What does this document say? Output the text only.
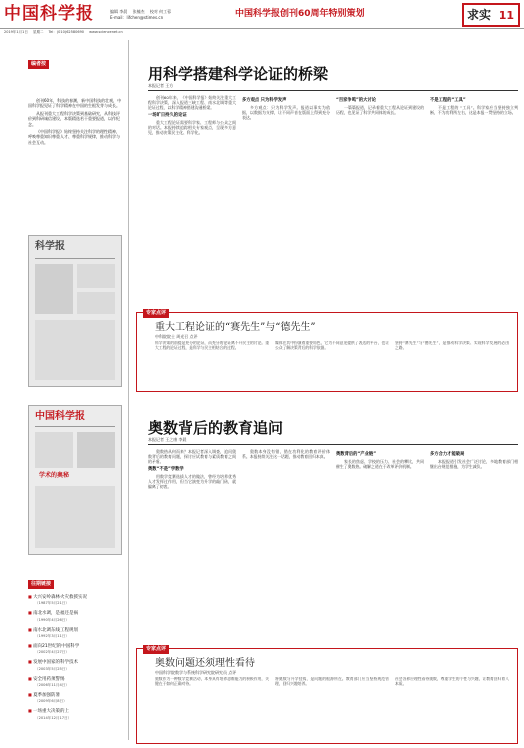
中国科学报	编辑 李晨 张楠杰 校对 何工蓉
E-mail：lifchen@stimes.cn	中国科学报创刊60周年特别策划	求实 11
2019年1月1日 星期二 Tel：(010)62580690 www.sciencenet.cn
编者按

创刊60年，科技的春潮，新中国科技的壮观，中国科学报见证了科学精神在中国的生根发芽与成长。

从报刊重大工程科学决策到基础研究，从科技评价到科研诚信建设，本版精选若干重要报道，以作纪念。

《中国科学报》始终坚持关注科学的理性精神，呼唤尊重知识尊重人才、尊重科学规律，推动科学与社会互动。

科学报
中国科学报
学术的奥秘
往期链接
■ 大兴安岭森林火灾救援实况
（1987年5月21日）
■ 南北水调，是福还是祸
（1990年4月26日）
■ 南水北调东线工程规划
（1992年3月11日）
■ 面向21世纪的中国科学
（2002年4月27日）
■ 发展中国家的科学技术
（2003年5月25日）
■ 安全用药须警惕
（2006年11月4日）
■ 夏季加强防暑
（2009年6月8日）
■ 一场重大决策的上
（2014年12月17日）
用科学搭建科学论证的桥梁
本报记者 王方

创刊60年来，《中国科学报》始终关注重大工程科学决策，深入报道三峡工程、南水北调等重大论证过程，以科学精神搭建沟通桥梁。

一场旷日持久的论证

重大工程论证需要科学家、工程师与公众之间的对话。本报持续追踪相关专家观点，呈现多方意见，推动决策民主化、科学化。

多方观点 只为科学发声

多方观点：只为科学发声。报道以事实为依据，以数据为支撑，让不同声音在版面上得到充分表达。

“百家争鸣”的大讨论

一篇篇报道，记录着重大工程从论证到建设的历程，也见证了科学共同体的成长。

不是工程的“工具”

不是工程的 “工具”。科学家应当坚持独立判断，不为功利所左右，这是本报一贯坚持的立场。

专家点评
重大工程论证的“赛先生”与“德先生”
中科院院士 周光召 点评
科学决策的前提是充分的论证，而充分的论证离不开民主的讨论。重大工程的论证过程，是科学与民主相结合的过程。
媒体在其中扮演着重要角色，它为不同意见提供了表达的平台，也让公众了解决策背后的科学依据。
坚持“赛先生”与“德先生”，是推动科学决策、实现科学发展的必由之路。
奥数背后的教育追问
本报记者 王之康 李晨

奥数热从何而来？本报记者深入调查，追问奥数背后的教育问题，探讨应试教育与素质教育之间的矛盾。

奥数“不是”学数学

用数学竞赛选拔人才的做法，曾经为培养优秀人才发挥过作用，但当它演变为升学的敲门砖，就偏离了初衷。

奥数本身没有错，错在功利化的教育评价体系。本报持续关注这一话题，推动教育回归本真。	奥数背后的“产业链”

家长的焦虑、学校的压力、社会的攀比，共同催生了奥数热。破解之道在于改革评价机制。

多方合力才能破局

本报报道引发社会广泛讨论，多地教育部门相继出台规范措施，为学生减负。

专家点评
奥数问题还须理性看待
中国科学院数学与系统科学研究院研究员 点评
奥数作为一种数学竞赛活动，本身具有培养思维能力的积极作用，关键在于如何正确对待。
将奥数与升学挂钩，是问题的根源所在。教育部门应当坚持规范管理，回归兴趣培养。
社会各界应理性看待奥数，尊重学生的个性与兴趣，让教育回归育人本质。
